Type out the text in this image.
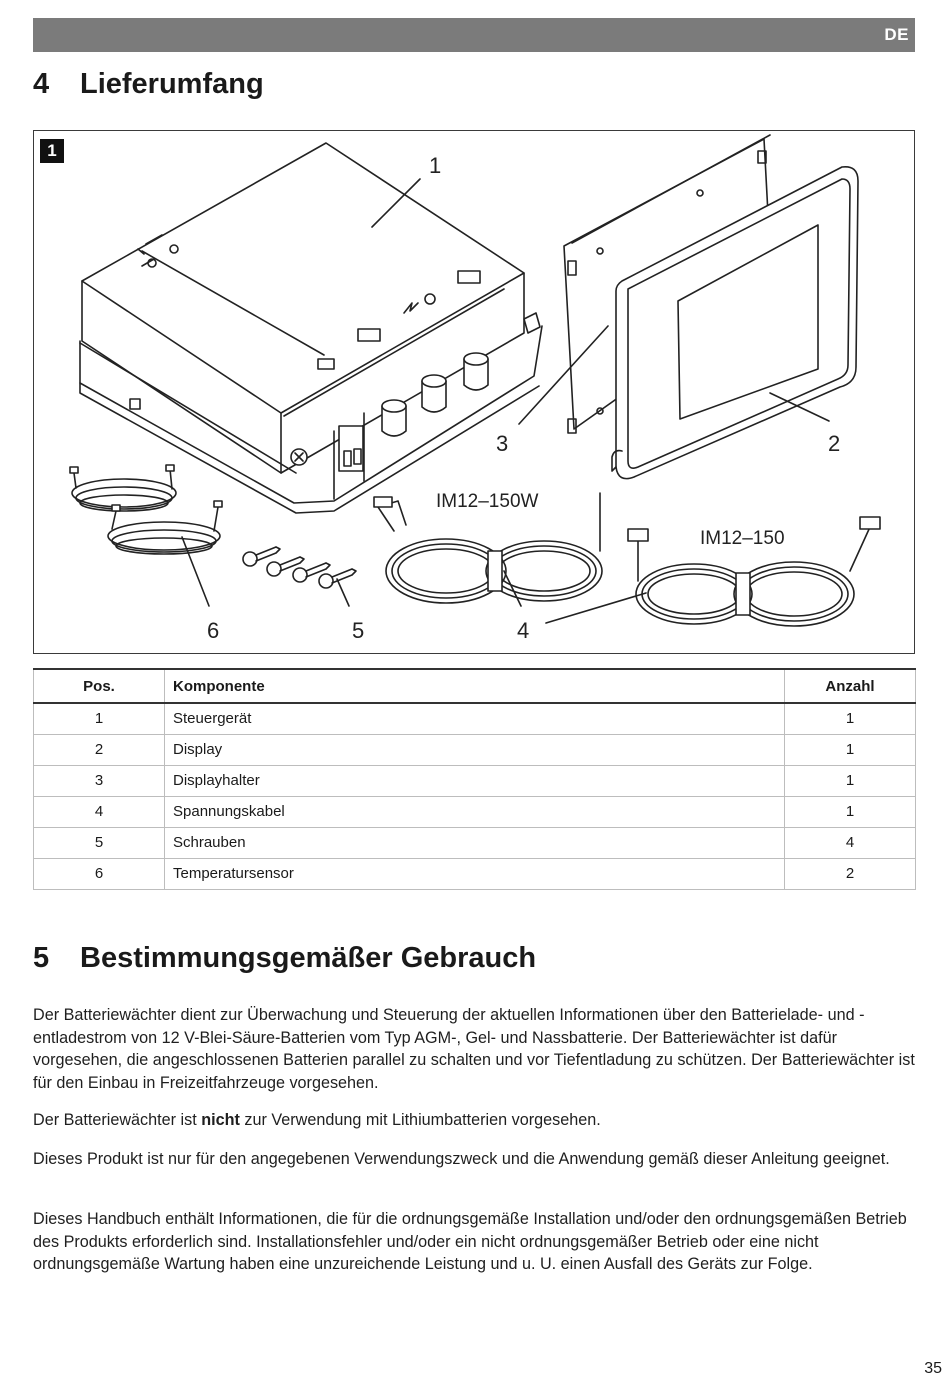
DE
4 Lieferumfang
1
1
2
3
4
5
6
IM12–150W
IM12–150
Pos.	Komponente	Anzahl
1	Steuergerät	1
2	Display	1
3	Displayhalter	1
4	Spannungskabel	1
5	Schrauben	4
6	Temperatursensor	2
5 Bestimmungsgemäßer Gebrauch

Der Batteriewächter dient zur Überwachung und Steuerung der aktuellen Informationen über den Batterielade- und -entladestrom von 12 V-Blei-Säure-Batterien vom Typ AGM-, Gel- und Nassbatterie. Der Batteriewächter ist dafür vorgesehen, die angeschlossenen Batterien parallel zu schalten und vor Tiefentladung zu schützen. Der Batteriewächter ist für den Einbau in Freizeitfahrzeuge vorgesehen.

Der Batteriewächter ist nicht zur Verwendung mit Lithiumbatterien vorgesehen.

Dieses Produkt ist nur für den angegebenen Verwendungszweck und die Anwendung gemäß dieser Anleitung geeignet.

Dieses Handbuch enthält Informationen, die für die ordnungsgemäße Installation und/oder den ordnungsgemäßen Betrieb des Produkts erforderlich sind. Installationsfehler und/oder ein nicht ordnungsgemäßer Betrieb oder eine nicht ordnungsgemäße Wartung haben eine unzureichende Leistung und u. U. einen Ausfall des Geräts zur Folge.

35
